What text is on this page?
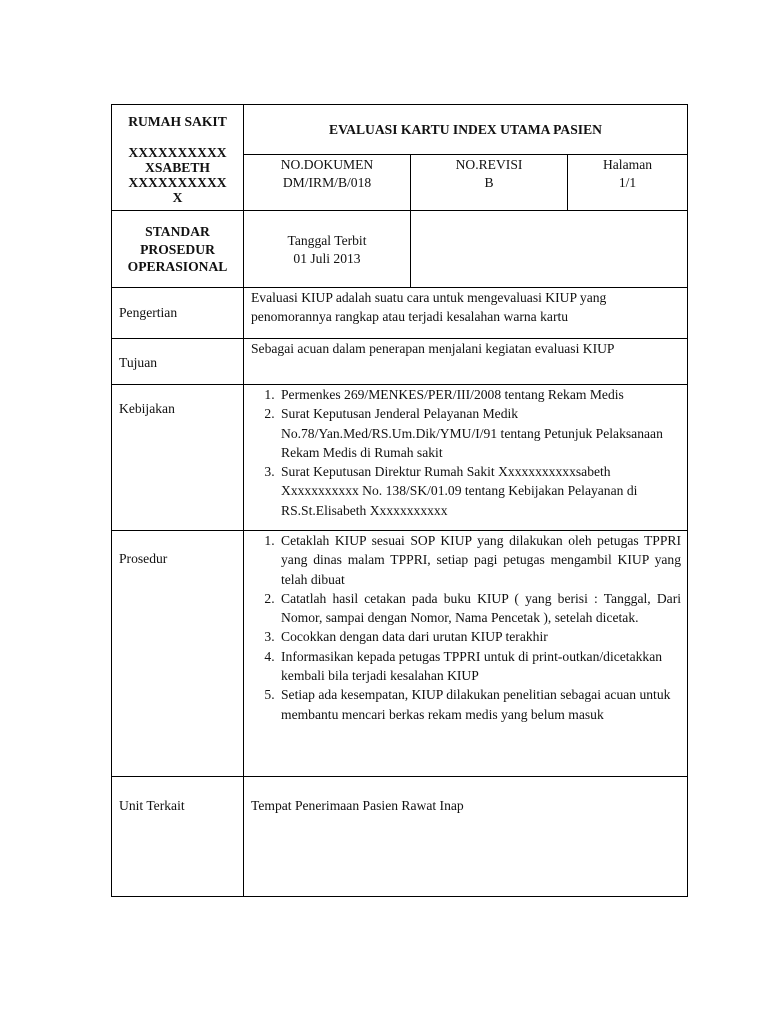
RUMAH SAKIT
XXXXXXXXXX
XSABETH
XXXXXXXXXX
X
EVALUASI KARTU INDEX UTAMA PASIEN
NO.DOKUMEN
DM/IRM/B/018
NO.REVISI
B
Halaman
1/1
STANDAR
PROSEDUR
OPERASIONAL
Tanggal Terbit
01 Juli 2013
Pengertian
Evaluasi KIUP adalah suatu cara untuk mengevaluasi KIUP yang penomorannya rangkap atau terjadi kesalahan warna kartu
Tujuan
Sebagai acuan dalam penerapan menjalani kegiatan evaluasi KIUP
Kebijakan
1. Permenkes 269/MENKES/PER/III/2008 tentang Rekam Medis
2. Surat Keputusan Jenderal Pelayanan Medik No.78/Yan.Med/RS.Um.Dik/YMU/I/91 tentang Petunjuk Pelaksanaan Rekam Medis di Rumah sakit
3. Surat Keputusan Direktur Rumah Sakit Xxxxxxxxxxxsabeth Xxxxxxxxxxx No. 138/SK/01.09 tentang Kebijakan Pelayanan di RS.St.Elisabeth Xxxxxxxxxxx
Prosedur
1. Cetaklah KIUP sesuai SOP KIUP yang dilakukan oleh petugas TPPRI yang dinas malam TPPRI, setiap pagi petugas mengambil KIUP yang telah dibuat
2. Catatlah hasil cetakan pada buku KIUP ( yang berisi : Tanggal, Dari Nomor, sampai dengan Nomor, Nama Pencetak ), setelah dicetak.
3. Cocokkan dengan data dari urutan KIUP terakhir
4. Informasikan kepada petugas TPPRI untuk di print-outkan/dicetakkan kembali bila terjadi kesalahan KIUP
5. Setiap ada kesempatan, KIUP dilakukan penelitian sebagai acuan untuk membantu mencari berkas rekam medis yang belum masuk
Unit Terkait	Tempat Penerimaan Pasien Rawat Inap
